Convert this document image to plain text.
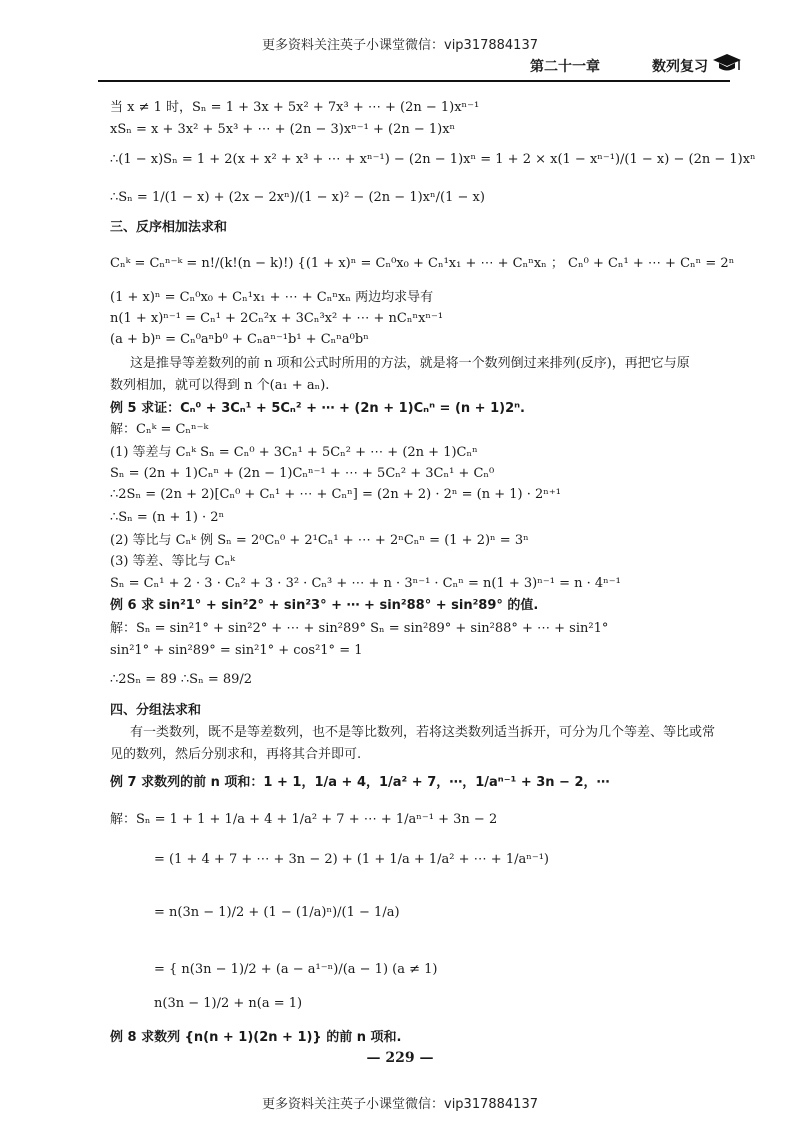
更多资料关注英子小课堂微信：vip317884137
第二十一章	数列复习
当 x ≠ 1 时，Sₙ = 1 + 3x + 5x² + 7x³ + ⋯ + (2n − 1)xⁿ⁻¹
xSₙ = x + 3x² + 5x³ + ⋯ + (2n − 3)xⁿ⁻¹ + (2n − 1)xⁿ
∴(1 − x)Sₙ = 1 + 2(x + x² + x³ + ⋯ + xⁿ⁻¹) − (2n − 1)xⁿ = 1 + 2 × x(1 − xⁿ⁻¹)/(1 − x) − (2n − 1)xⁿ
∴Sₙ = 1/(1 − x) + (2x − 2xⁿ)/(1 − x)² − (2n − 1)xⁿ/(1 − x)
三、反序相加法求和
Cₙᵏ = Cₙⁿ⁻ᵏ = n!/(k!(n − k)!) {(1 + x)ⁿ = Cₙ⁰x₀ + Cₙ¹x₁ + ⋯ + Cₙⁿxₙ ； Cₙ⁰ + Cₙ¹ + ⋯ + Cₙⁿ = 2ⁿ
(1 + x)ⁿ = Cₙ⁰x₀ + Cₙ¹x₁ + ⋯ + Cₙⁿxₙ 两边均求导有
n(1 + x)ⁿ⁻¹ = Cₙ¹ + 2Cₙ²x + 3Cₙ³x² + ⋯ + nCₙⁿxⁿ⁻¹
(a + b)ⁿ = Cₙ⁰aⁿb⁰ + Cₙaⁿ⁻¹b¹ + Cₙⁿa⁰bⁿ
这是推导等差数列的前 n 项和公式时所用的方法，就是将一个数列倒过来排列(反序)，再把它与原
数列相加，就可以得到 n 个(a₁ + aₙ).
例 5 求证：Cₙ⁰ + 3Cₙ¹ + 5Cₙ² + ⋯ + (2n + 1)Cₙⁿ = (n + 1)2ⁿ.
解：Cₙᵏ = Cₙⁿ⁻ᵏ
(1) 等差与 Cₙᵏ Sₙ = Cₙ⁰ + 3Cₙ¹ + 5Cₙ² + ⋯ + (2n + 1)Cₙⁿ
Sₙ = (2n + 1)Cₙⁿ + (2n − 1)Cₙⁿ⁻¹ + ⋯ + 5Cₙ² + 3Cₙ¹ + Cₙ⁰
∴2Sₙ = (2n + 2)[Cₙ⁰ + Cₙ¹ + ⋯ + Cₙⁿ] = (2n + 2) · 2ⁿ = (n + 1) · 2ⁿ⁺¹
∴Sₙ = (n + 1) · 2ⁿ
(2) 等比与 Cₙᵏ 例 Sₙ = 2⁰Cₙ⁰ + 2¹Cₙ¹ + ⋯ + 2ⁿCₙⁿ = (1 + 2)ⁿ = 3ⁿ
(3) 等差、等比与 Cₙᵏ
Sₙ = Cₙ¹ + 2 · 3 · Cₙ² + 3 · 3² · Cₙ³ + ⋯ + n · 3ⁿ⁻¹ · Cₙⁿ = n(1 + 3)ⁿ⁻¹ = n · 4ⁿ⁻¹
例 6 求 sin²1° + sin²2° + sin²3° + ⋯ + sin²88° + sin²89° 的值.
解：Sₙ = sin²1° + sin²2° + ⋯ + sin²89° Sₙ = sin²89° + sin²88° + ⋯ + sin²1°
sin²1° + sin²89° = sin²1° + cos²1° = 1
∴2Sₙ = 89 ∴Sₙ = 89/2
四、分组法求和
有一类数列，既不是等差数列，也不是等比数列，若将这类数列适当拆开，可分为几个等差、等比或常
见的数列，然后分别求和，再将其合并即可.
例 7 求数列的前 n 项和：1 + 1，1/a + 4，1/a² + 7，⋯，1/aⁿ⁻¹ + 3n − 2，⋯
解：Sₙ = 1 + 1 + 1/a + 4 + 1/a² + 7 + ⋯ + 1/aⁿ⁻¹ + 3n − 2
= (1 + 4 + 7 + ⋯ + 3n − 2) + (1 + 1/a + 1/a² + ⋯ + 1/aⁿ⁻¹)
= n(3n − 1)/2 + (1 − (1/a)ⁿ)/(1 − 1/a)
= { n(3n − 1)/2 + (a − a¹⁻ⁿ)/(a − 1) (a ≠ 1)
n(3n − 1)/2 + n(a = 1)
例 8 求数列 {n(n + 1)(2n + 1)} 的前 n 项和.
— 229 —
更多资料关注英子小课堂微信：vip317884137
